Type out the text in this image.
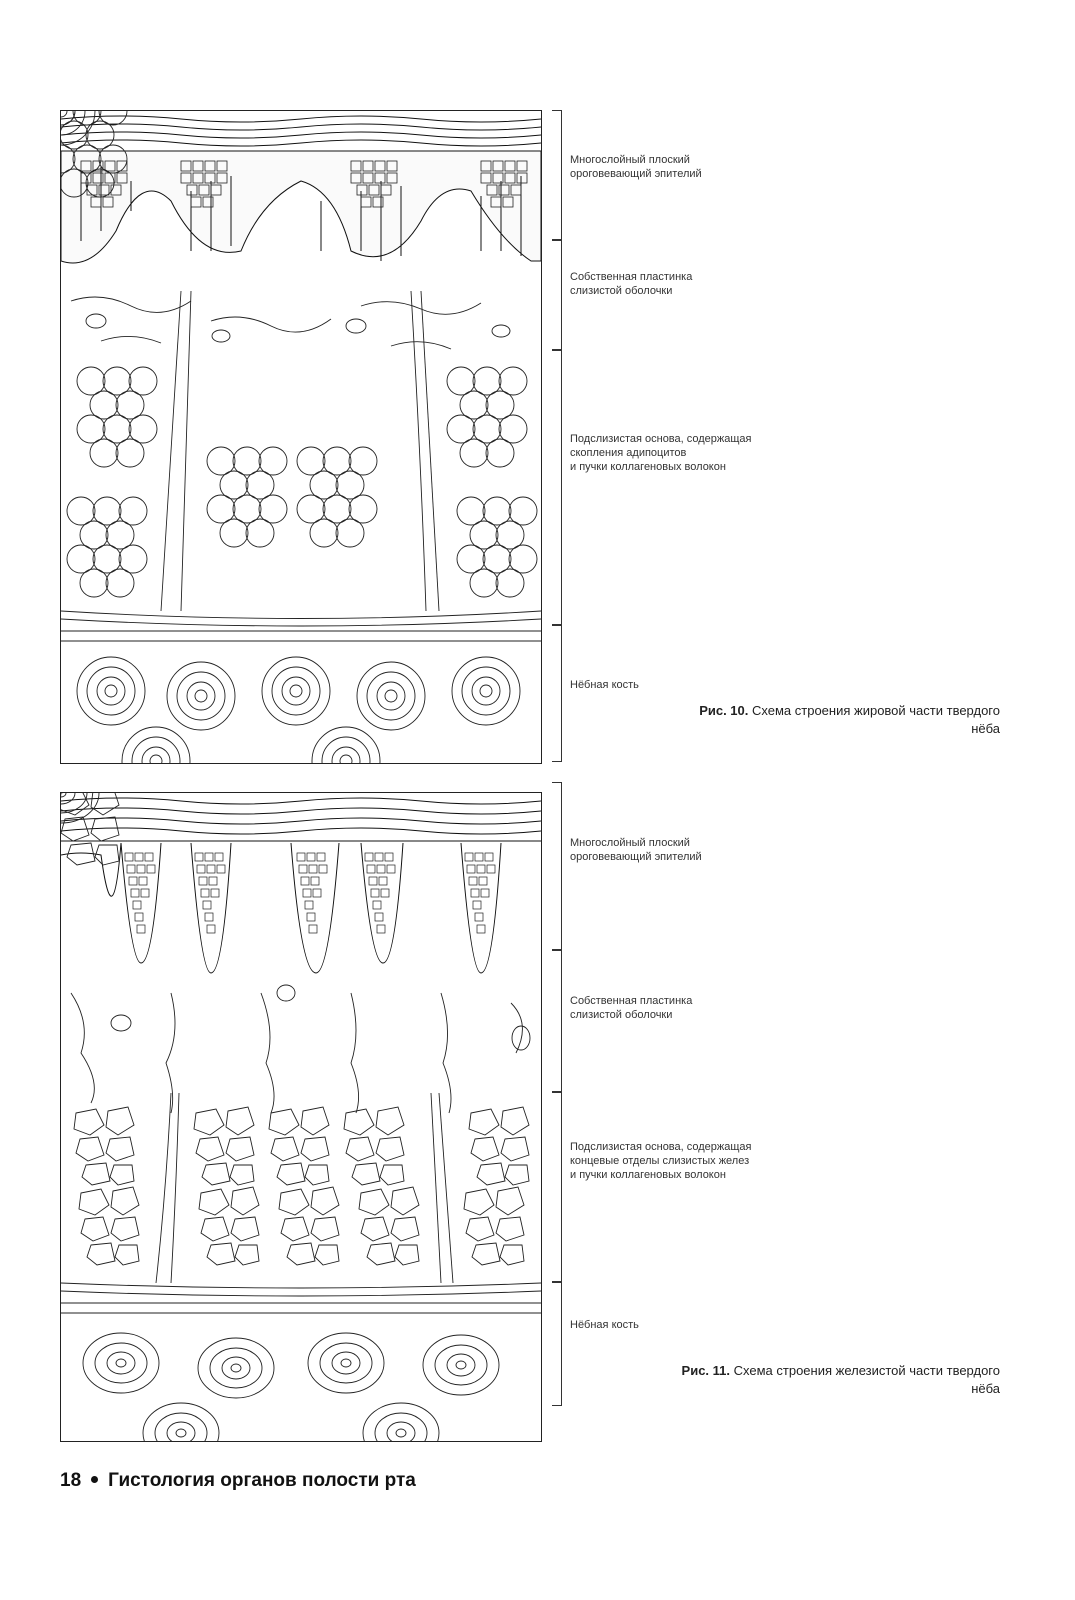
Многослойный плоский
ороговевающий эпителий
Собственная пластинка
слизистой оболочки
Подслизистая основа, содержащая
скопления адипоцитов
и пучки коллагеновых волокон
Нёбная кость
Рис. 10. Схема строения жировой части твердого нёба
Многослойный плоский
ороговевающий эпителий
Собственная пластинка
слизистой оболочки
Подслизистая основа, содержащая
концевые отделы слизистых желез
и пучки коллагеновых волокон
Нёбная кость
Рис. 11. Схема строения железистой части твердого нёба
18 Гистология органов полости рта
